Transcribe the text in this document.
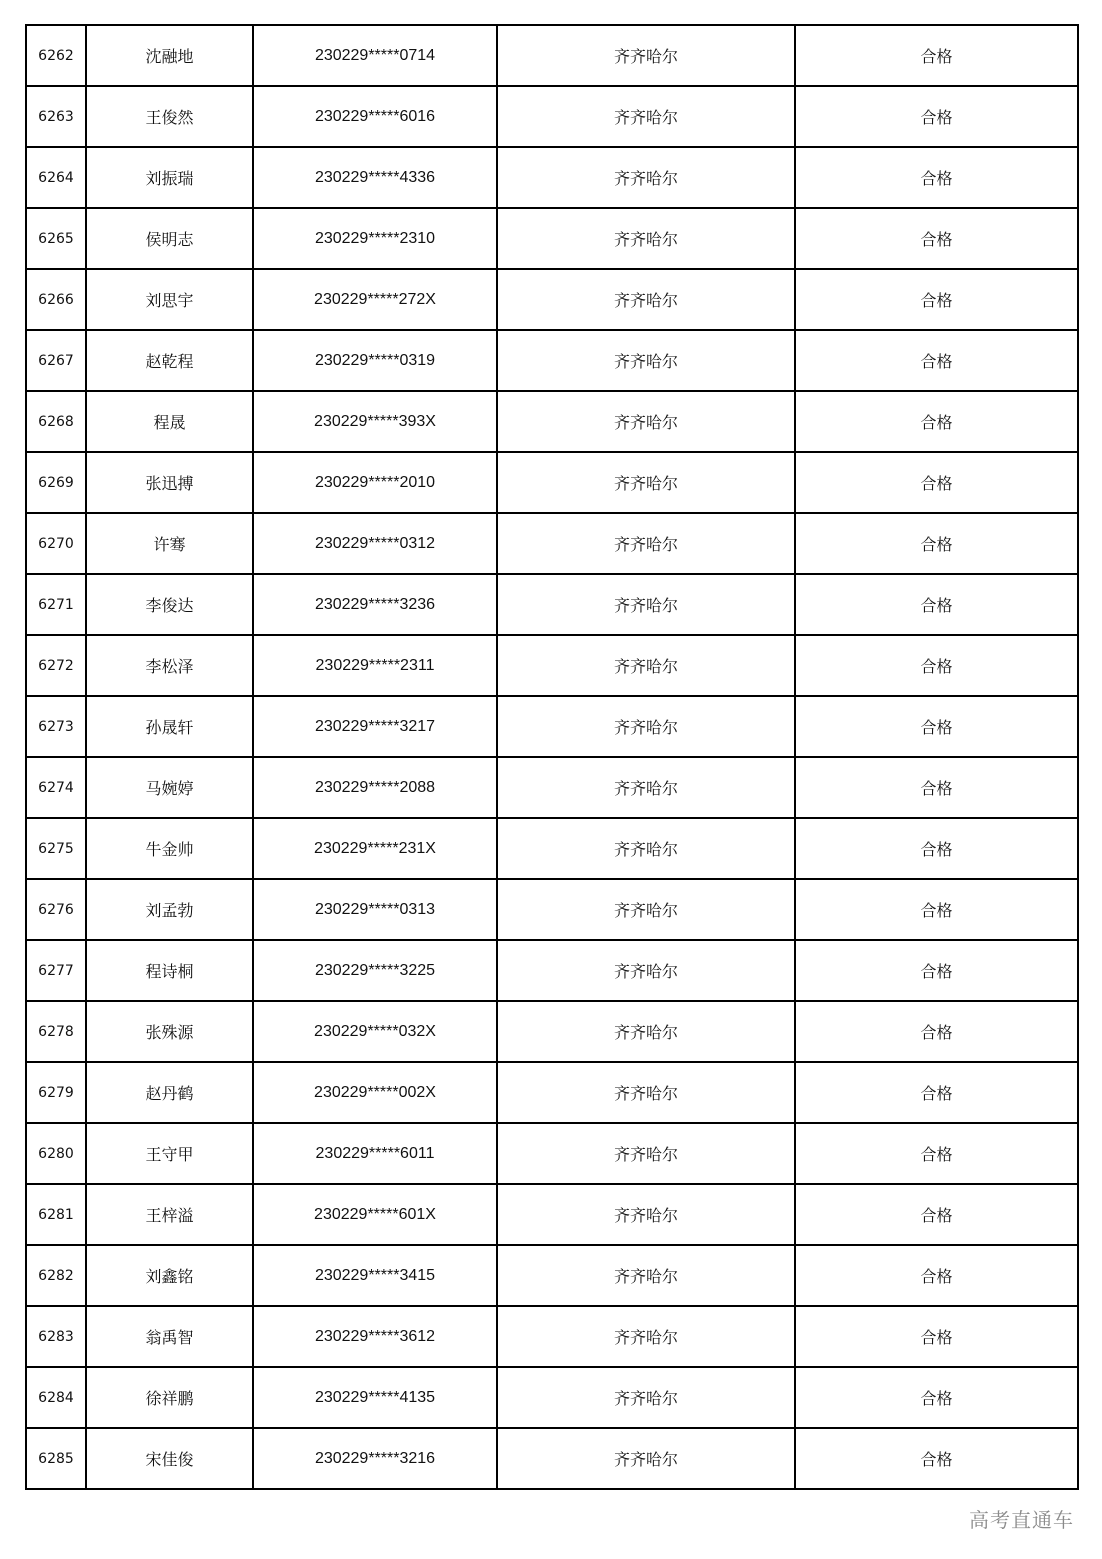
6262	沈融地	230229*****0714	齐齐哈尔	合格
6263	王俊然	230229*****6016	齐齐哈尔	合格
6264	刘振瑞	230229*****4336	齐齐哈尔	合格
6265	侯明志	230229*****2310	齐齐哈尔	合格
6266	刘思宇	230229*****272X	齐齐哈尔	合格
6267	赵乾程	230229*****0319	齐齐哈尔	合格
6268	程晟	230229*****393X	齐齐哈尔	合格
6269	张迅搏	230229*****2010	齐齐哈尔	合格
6270	许骞	230229*****0312	齐齐哈尔	合格
6271	李俊达	230229*****3236	齐齐哈尔	合格
6272	李松泽	230229*****2311	齐齐哈尔	合格
6273	孙晟轩	230229*****3217	齐齐哈尔	合格
6274	马婉婷	230229*****2088	齐齐哈尔	合格
6275	牛金帅	230229*****231X	齐齐哈尔	合格
6276	刘孟勃	230229*****0313	齐齐哈尔	合格
6277	程诗桐	230229*****3225	齐齐哈尔	合格
6278	张殊源	230229*****032X	齐齐哈尔	合格
6279	赵丹鹤	230229*****002X	齐齐哈尔	合格
6280	王守甲	230229*****6011	齐齐哈尔	合格
6281	王梓溢	230229*****601X	齐齐哈尔	合格
6282	刘鑫铭	230229*****3415	齐齐哈尔	合格
6283	翁禹智	230229*****3612	齐齐哈尔	合格
6284	徐祥鹏	230229*****4135	齐齐哈尔	合格
6285	宋佳俊	230229*****3216	齐齐哈尔	合格
高考直通车
